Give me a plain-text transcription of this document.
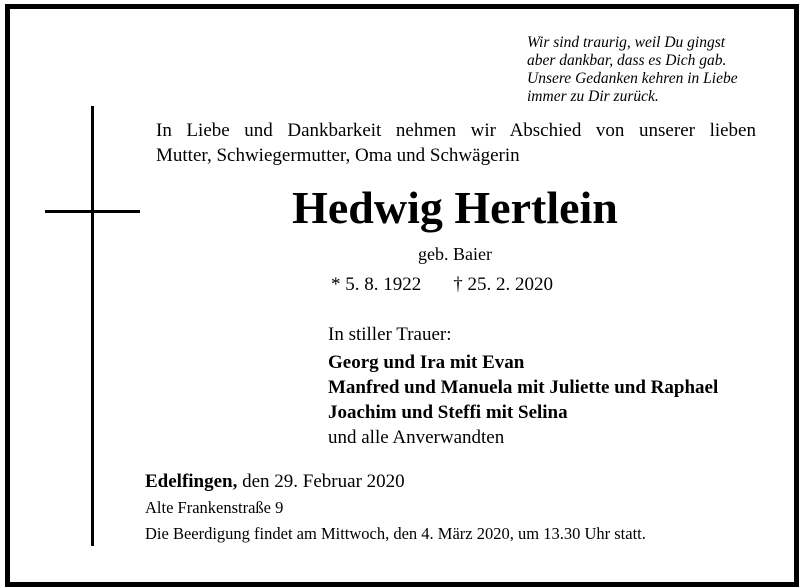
Wir sind traurig, weil Du gingst
aber dankbar, dass es Dich gab.
Unsere Gedanken kehren in Liebe
immer zu Dir zurück.
In Liebe und Dankbarkeit nehmen wir Abschied von unserer lieben
Mutter, Schwiegermutter, Oma und Schwägerin
Hedwig Hertlein
geb. Baier
* 5. 8. 1922 † 25. 2. 2020
In stiller Trauer:
Georg und Ira mit Evan
Manfred und Manuela mit Juliette und Raphael
Joachim und Steffi mit Selina
und alle Anverwandten
Edelfingen, den 29. Februar 2020
Alte Frankenstraße 9
Die Beerdigung findet am Mittwoch, den 4. März 2020, um 13.30 Uhr statt.
